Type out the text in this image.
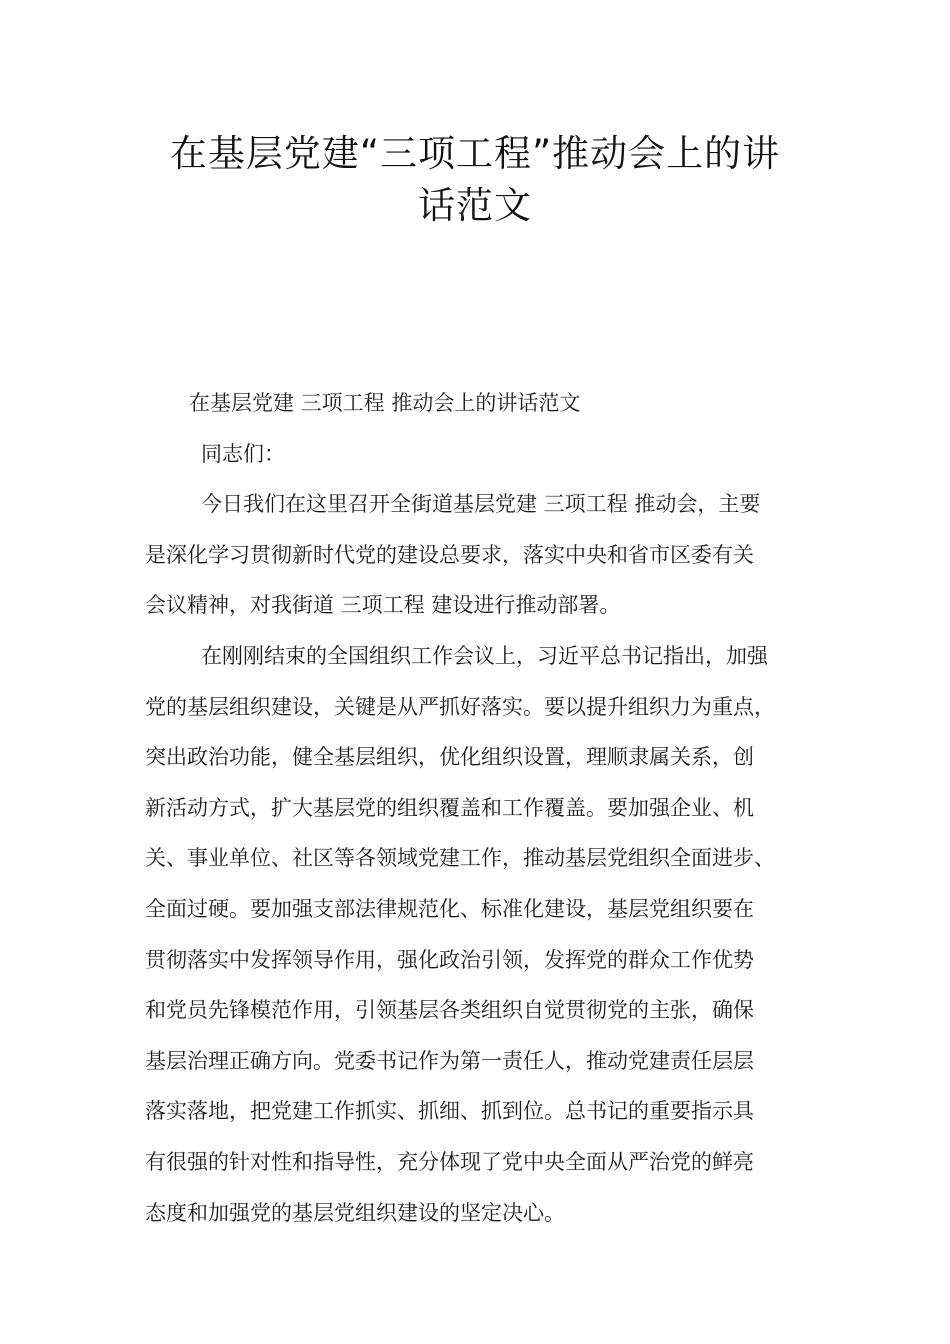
在基层党建“三项工程”推动会上的讲
话范文
在基层党建 三项工程 推动会上的讲话范文
同志们：
今日我们在这里召开全街道基层党建 三项工程 推动会，主要
是深化学习贯彻新时代党的建设总要求，落实中央和省市区委有关
会议精神，对我街道 三项工程 建设进行推动部署。
在刚刚结束的全国组织工作会议上，习近平总书记指出，加强
党的基层组织建设，关键是从严抓好落实。要以提升组织力为重点，
突出政治功能，健全基层组织，优化组织设置，理顺隶属关系，创
新活动方式，扩大基层党的组织覆盖和工作覆盖。要加强企业、机
关、事业单位、社区等各领域党建工作，推动基层党组织全面进步、
全面过硬。要加强支部法律规范化、标准化建设，基层党组织要在
贯彻落实中发挥领导作用，强化政治引领，发挥党的群众工作优势
和党员先锋模范作用，引领基层各类组织自觉贯彻党的主张，确保
基层治理正确方向。党委书记作为第一责任人，推动党建责任层层
落实落地，把党建工作抓实、抓细、抓到位。总书记的重要指示具
有很强的针对性和指导性，充分体现了党中央全面从严治党的鲜亮
态度和加强党的基层党组织建设的坚定决心。
